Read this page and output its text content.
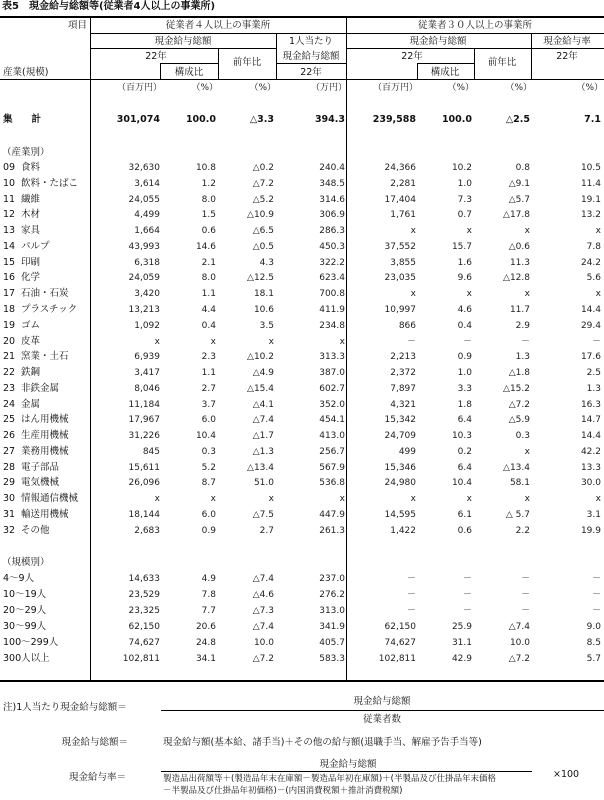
表5　現金給与総額等(従業者4人以上の事業所)
項目
産業(規模)
従業者４人以上の事業所	従業者３０人以上の事業所
現金給与総額	1人当たり
現金給与総額
現金給与総額	現金給与率
22年
前年比
構成比	22年
22年
前年比
構成比
22年
（百万円）	（%）	（%）	（万円）	（百万円）	（%）	（%）	（%）
集　　計	301,074	100.0	△3.3	394.3	239,588	100.0	△2.5	7.1
（産業別）
09 食料	32,630	10.8	△0.2	240.4	24,366	10.2	0.8	10.5
10 飲料・たばこ	3,614	1.2	△7.2	348.5	2,281	1.0	△9.1	11.4
11 繊維	24,055	8.0	△5.2	314.6	17,404	7.3	△5.7	19.1
12 木材	4,499	1.5	△10.9	306.9	1,761	0.7	△17.8	13.2
13 家具	1,664	0.6	△6.5	286.3	x	x	x	x
14 パルプ	43,993	14.6	△0.5	450.3	37,552	15.7	△0.6	7.8
15 印刷	6,318	2.1	4.3	322.2	3,855	1.6	11.3	24.2
16 化学	24,059	8.0	△12.5	623.4	23,035	9.6	△12.8	5.6
17 石油・石炭	3,420	1.1	18.1	700.8	x	x	x	x
18 プラスチック	13,213	4.4	10.6	411.9	10,997	4.6	11.7	14.4
19 ゴム	1,092	0.4	3.5	234.8	866	0.4	2.9	29.4
20 皮革	x	x	x	x	－	－	－	－
21 窯業・土石	6,939	2.3	△10.2	313.3	2,213	0.9	1.3	17.6
22 鉄鋼	3,417	1.1	△4.9	387.0	2,372	1.0	△1.8	2.5
23 非鉄金属	8,046	2.7	△15.4	602.7	7,897	3.3	△15.2	1.3
24 金属	11,184	3.7	△4.1	352.0	4,321	1.8	△7.2	16.3
25 はん用機械	17,967	6.0	△7.4	454.1	15,342	6.4	△5.9	14.7
26 生産用機械	31,226	10.4	△1.7	413.0	24,709	10.3	0.3	14.4
27 業務用機械	845	0.3	△1.3	256.7	499	0.2	x	42.2
28 電子部品	15,611	5.2	△13.4	567.9	15,346	6.4	△13.4	13.3
29 電気機械	26,096	8.7	51.0	536.8	24,980	10.4	58.1	30.0
30 情報通信機械	x	x	x	x	x	x	x	x
31 輸送用機械	18,144	6.0	△7.5	447.9	14,595	6.1	△ 5.7	3.1
32 その他	2,683	0.9	2.7	261.3	1,422	0.6	2.2	19.9
（規模別）
4～9人	14,633	4.9	△7.4	237.0	－	－	－	－
10～19人	23,529	7.8	△4.6	276.2	－	－	－	－
20～29人	23,325	7.7	△7.3	313.0	－	－	－	－
30～99人	62,150	20.6	△7.4	341.9	62,150	25.9	△7.4	9.0
100～299人	74,627	24.8	10.0	405.7	74,627	31.1	10.0	8.5
300人以上	102,811	34.1	△7.2	583.3	102,811	42.9	△7.2	5.7
注)1人当たり現金給与総額＝
現金給与総額
従業者数
現金給与総額＝	現金給与額(基本給、諸手当)＋その他の給与額(退職手当、解雇予告手当等)
現金給与率＝
現金給与総額
製造品出荷額等＋(製造品年末在庫額－製造品年初在庫額)＋(半製品及び仕掛品年末価格
－半製品及び仕掛品年初価格)－(内国消費税額＋推計消費税額)
×100
